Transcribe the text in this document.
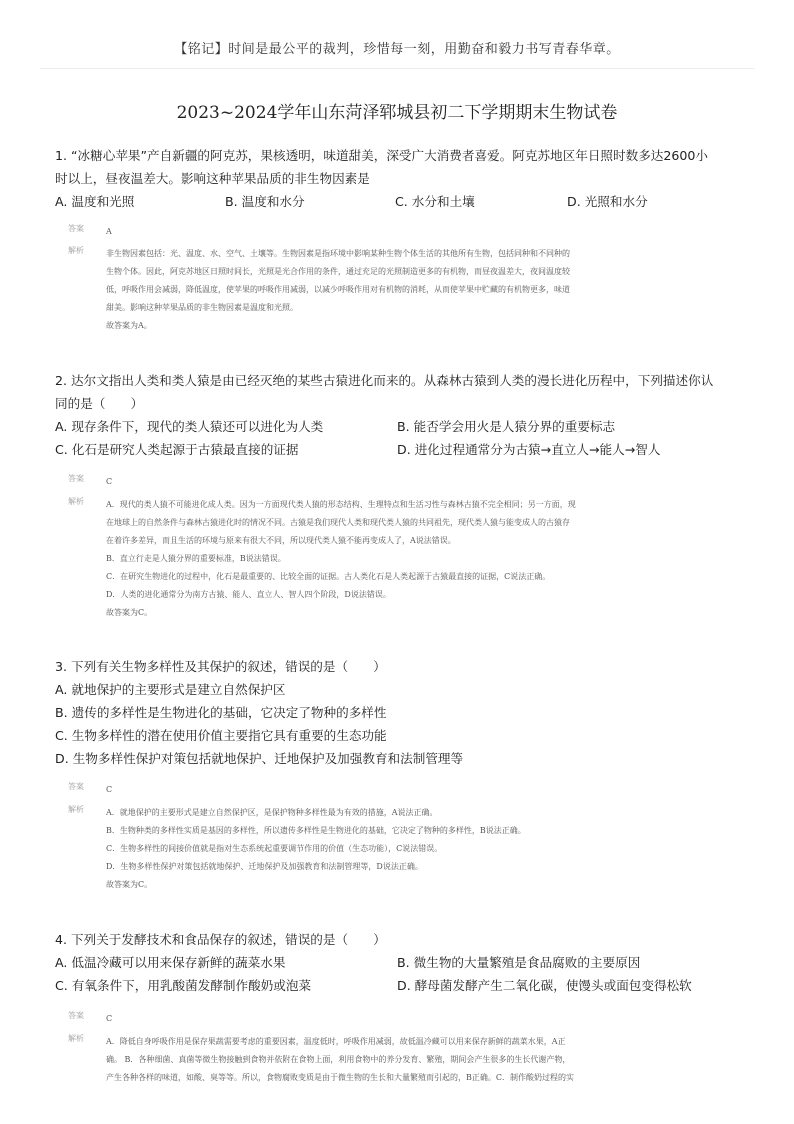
【铭记】时间是最公平的裁判，珍惜每一刻，用勤奋和毅力书写青春华章。
2023~2024学年山东菏泽郓城县初二下学期期末生物试卷

1. “冰糖心苹果”产自新疆的阿克苏，果核透明，味道甜美，深受广大消费者喜爱。阿克苏地区年日照时数多达2600小

时以上，昼夜温差大。影响这种苹果品质的非生物因素是

A. 温度和光照	B. 温度和水分	C. 水分和土壤	D. 光照和水分
答案	A
解析	非生物因素包括：光、温度、水、空气、土壤等。生物因素是指环境中影响某种生物个体生活的其他所有生物，包括同种和不同种的

生物个体。因此，阿克苏地区日照时间长，光照是光合作用的条件，通过充足的光照制造更多的有机物，而昼夜温差大，夜间温度较

低，呼吸作用会减弱，降低温度，使苹果的呼吸作用减弱，以减少呼吸作用对有机物的消耗，从而使苹果中贮藏的有机物更多，味道

甜美。影响这种苹果品质的非生物因素是温度和光照。

故答案为A。

2. 达尔文指出人类和类人猿是由已经灭绝的某些古猿进化而来的。从森林古猿到人类的漫长进化历程中，下列描述你认

同的是（　　）

A. 现存条件下，现代的类人猿还可以进化为人类	B. 能否学会用火是人猿分界的重要标志
C. 化石是研究人类起源于古猿最直接的证据	D. 进化过程通常分为古猿→直立人→能人→智人
答案	C
解析	A．现代的类人猿不可能进化成人类。因为一方面现代类人猿的形态结构、生理特点和生活习性与森林古猿不完全相同；另一方面，现

在地球上的自然条件与森林古猿进化时的情况不同。古猿是我们现代人类和现代类人猿的共同祖先，现代类人猿与能变成人的古猿存

在着许多差异，而且生活的环境与原来有很大不同，所以现代类人猿不能再变成人了，A说法错误。

B．直立行走是人猿分界的重要标准，B说法错误。

C．在研究生物进化的过程中，化石是最重要的、比较全面的证据。古人类化石是人类起源于古猿最直接的证据，C说法正确。

D．人类的进化通常分为南方古猿、能人、直立人、智人四个阶段，D说法错误。

故答案为C。

3. 下列有关生物多样性及其保护的叙述，错误的是（　　）

A. 就地保护的主要形式是建立自然保护区
B. 遗传的多样性是生物进化的基础，它决定了物种的多样性
C. 生物多样性的潜在使用价值主要指它具有重要的生态功能
D. 生物多样性保护对策包括就地保护、迁地保护及加强教育和法制管理等
答案	C
解析	A．就地保护的主要形式是建立自然保护区，是保护物种多样性最为有效的措施，A说法正确。

B．生物种类的多样性实质是基因的多样性，所以遗传多样性是生物进化的基础，它决定了物种的多样性，B说法正确。

C．生物多样性的间接价值就是指对生态系统起重要调节作用的价值（生态功能），C说法错误。

D．生物多样性保护对策包括就地保护、迁地保护及加强教育和法制管理等，D说法正确。

故答案为C。

4. 下列关于发酵技术和食品保存的叙述，错误的是（　　）

A. 低温冷藏可以用来保存新鲜的蔬菜水果	B. 微生物的大量繁殖是食品腐败的主要原因
C. 有氧条件下，用乳酸菌发酵制作酸奶或泡菜	D. 酵母菌发酵产生二氧化碳，使馒头或面包变得松软
答案	C
解析	A．降低自身呼吸作用是保存果蔬需要考虑的重要因素，温度低时，呼吸作用减弱，故低温冷藏可以用来保存新鲜的蔬菜水果，A正

确。 B．各种细菌、真菌等微生物接触到食物并依附在食物上面，利用食物中的养分发育、繁殖，期间会产生很多的生长代谢产物，

产生各种各样的味道，如酸、臭等等。所以，食物腐败变质是由于微生物的生长和大量繁殖而引起的，B正确。C．制作酸奶过程的实
